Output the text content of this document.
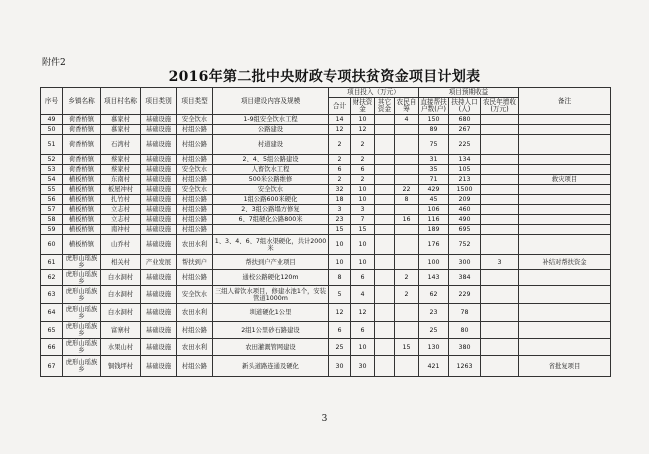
附件2
2016年第二批中央财政专项扶贫资金项目计划表
序号	乡镇名称	项目村名称	项目类别	项目类型	项目建设内容及规模	项目投入（万元）				项目预期收益			备注
						合计	财扶资金	其它资金	农民自筹	直接帮扶户数(户)	扶持人口(人)	农民年增收(万元)	
49	荷香桥镇	慕家村	基础设施	安全饮水	1-9组安全饮水工程	14	10		4	150	680		
50	荷香桥镇	慕家村	基础设施	村组公路	公路建设	12	12			89	267		
51	荷香桥镇	石湾村	基础设施	村组公路	村道建设	2	2			75	225		
52	荷香桥镇	蔡家村	基础设施	村组公路	2、4、5组公路建设	2	2			31	134		
53	荷香桥镇	蔡家村	基础设施	安全饮水	人畜饮水工程	6	6			35	105		
54	横板桥镇	东南村	基础设施	村组公路	500米公路维修	2	2			71	213		救灾项目
55	横板桥镇	板屋冲村	基础设施	安全饮水	安全饮水	32	10		22	429	1500		
56	横板桥镇	扎竹村	基础设施	村组公路	1组公路600米硬化	18	10		8	45	209		
57	横板桥镇	立志村	基础设施	村组公路	2、3组公路塌方修复	3	3			106	460		
58	横板桥镇	立志村	基础设施	村组公路	6、7组硬化公路800米	23	7		16	116	490		
59	横板桥镇	南冲村	基础设施	村组公路		15	15			189	695		
60	横板桥镇	山乔村	基础设施	农田水利	1、3、4、6、7组水渠硬化，共计2000米	10	10			176	752		
61	虎形山瑶族乡	相关村	产业发展	帮扶到户	帮扶到户产业项目	10	10			100	300	3	补结对帮扶资金
62	虎形山瑶族乡	白水洞村	基础设施	村组公路	通校公路硬化120m	8	6		2	143	384		
63	虎形山瑶族乡	白水洞村	基础设施	安全饮水	三组人蓄饮水项目，修建水池1个，安装管道1000m	5	4		2	62	229		
64	虎形山瑶族乡	白水洞村	基础设施	农田水利	圳道硬化1公里	12	12			23	78		
65	虎形山瑶族乡	富寨村	基础设施	村组公路	2组1公里砂石路建设	6	6			25	80		
66	虎形山瑶族乡	水果山村	基础设施	农田水利	农田灌溉管网建设	25	10		15	130	380		
67	虎形山瑶族乡	铜钱坪村	基础设施	村组公路	新头道路连通及硬化	30	30			421	1263		省批复项目
3
